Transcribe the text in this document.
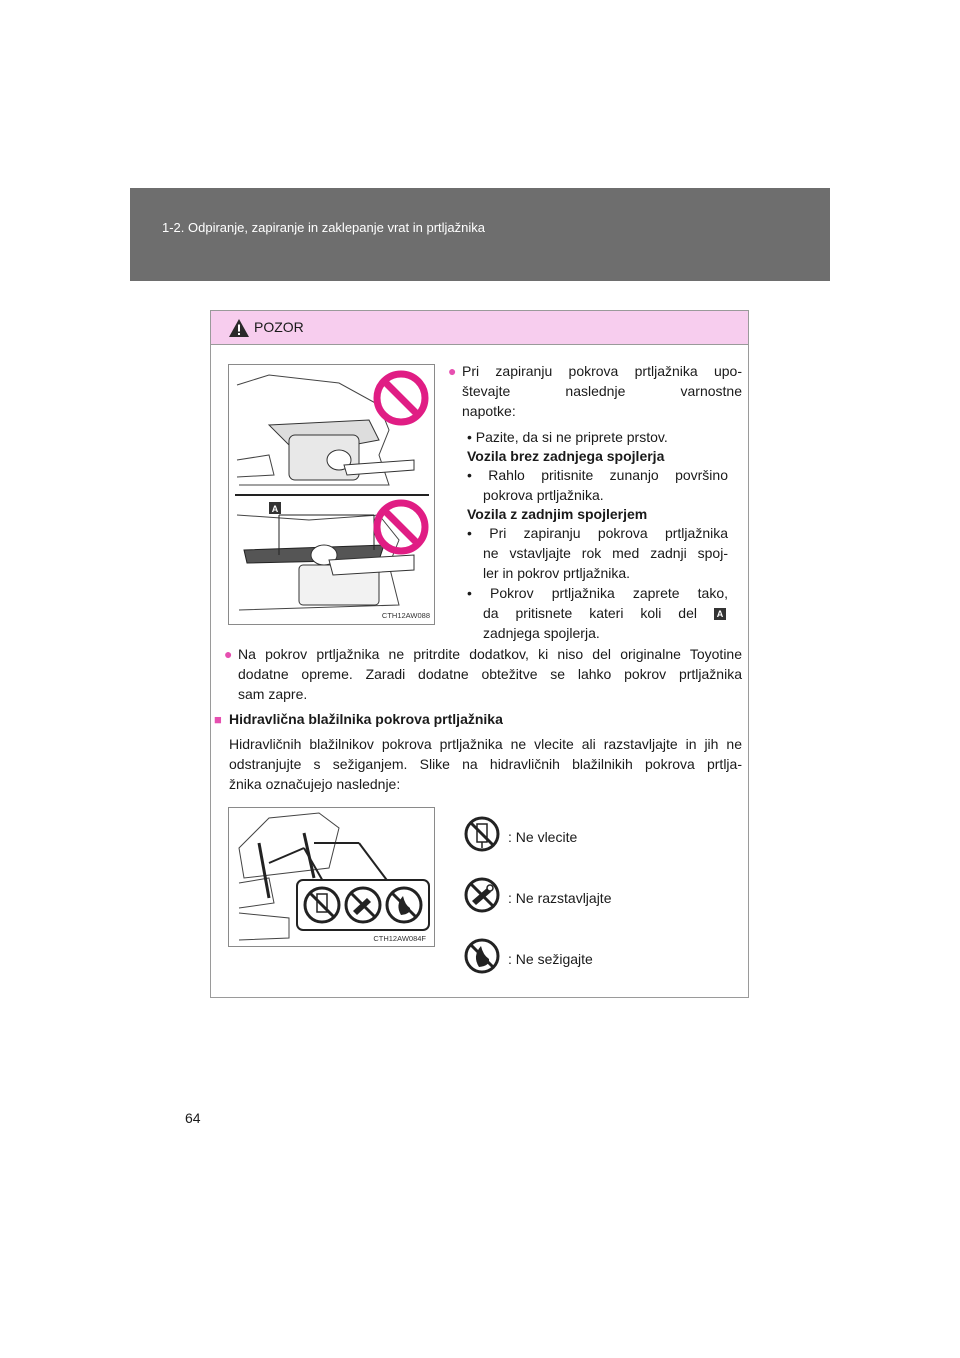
1-2. Odpiranje, zapiranje in zaklepanje vrat in prtljažnika
POZOR
A
CTH12AW088
● Pri zapiranju pokrova prtljažnika upo-
števajte naslednje varnostne
napotke:
• Pazite, da si ne priprete prstov.
Vozila brez zadnjega spojlerja
• Rahlo pritisnite zunanjo površino
pokrova prtljažnika.
Vozila z zadnjim spojlerjem
• Pri zapiranju pokrova prtljažnika
ne vstavljajte rok med zadnji spoj-
ler in pokrov prtljažnika.
• Pokrov prtljažnika zaprete tako,
da pritisnete kateri koli del	A
zadnjega spojlerja.
● Na pokrov prtljažnika ne pritrdite dodatkov, ki niso del originalne Toyotine
dodatne opreme. Zaradi dodatne obtežitve se lahko pokrov prtljažnika
sam zapre.
■ Hidravlična blažilnika pokrova prtljažnika
Hidravličnih blažilnikov pokrova prtljažnika ne vlecite ali razstavljajte in jih ne
odstranjujte s sežiganjem. Slike na hidravličnih blažilnikih pokrova prtlja-
žnika označujejo naslednje:
CTH12AW084F
: Ne vlecite
: Ne razstavljajte
: Ne sežigajte
64
